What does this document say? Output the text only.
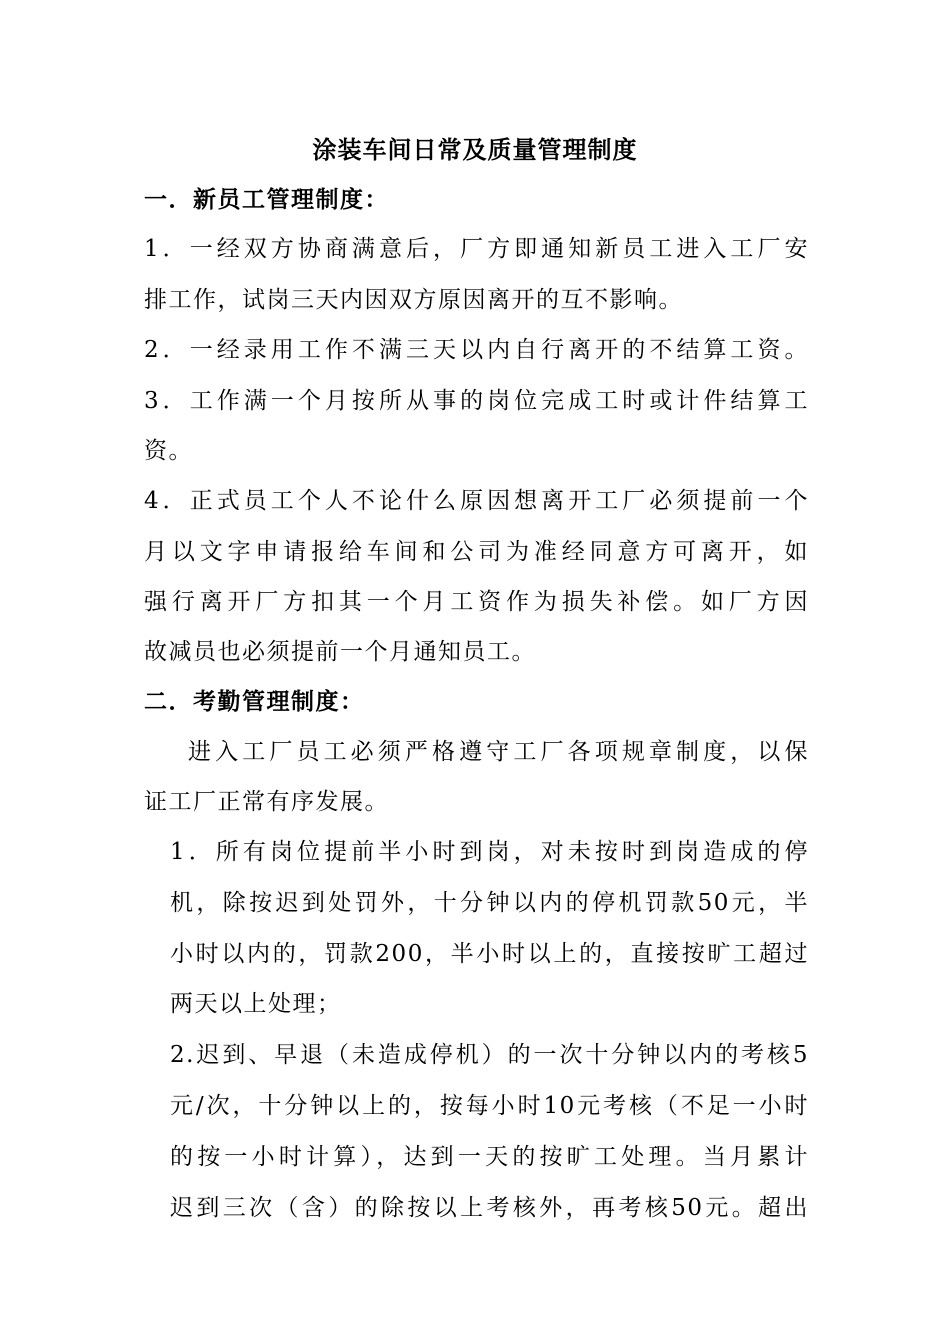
涂装车间日常及质量管理制度
一．新员工管理制度：
1．一经双方协商满意后，厂方即通知新员工进入工厂安
排工作，试岗三天内因双方原因离开的互不影响。
2．一经录用工作不满三天以内自行离开的不结算工资。
3．工作满一个月按所从事的岗位完成工时或计件结算工
资。
4．正式员工个人不论什么原因想离开工厂必须提前一个
月以文字申请报给车间和公司为准经同意方可离开，如
强行离开厂方扣其一个月工资作为损失补偿。如厂方因
故减员也必须提前一个月通知员工。
二．考勤管理制度：
进入工厂员工必须严格遵守工厂各项规章制度，以保
证工厂正常有序发展。
1．所有岗位提前半小时到岗，对未按时到岗造成的停
机，除按迟到处罚外，十分钟以内的停机罚款50元，半
小时以内的，罚款200，半小时以上的，直接按旷工超过
两天以上处理；
2.迟到、早退（未造成停机）的一次十分钟以内的考核5
元/次，十分钟以上的，按每小时10元考核（不足一小时
的按一小时计算），达到一天的按旷工处理。当月累计
迟到三次（含）的除按以上考核外，再考核50元。超出
